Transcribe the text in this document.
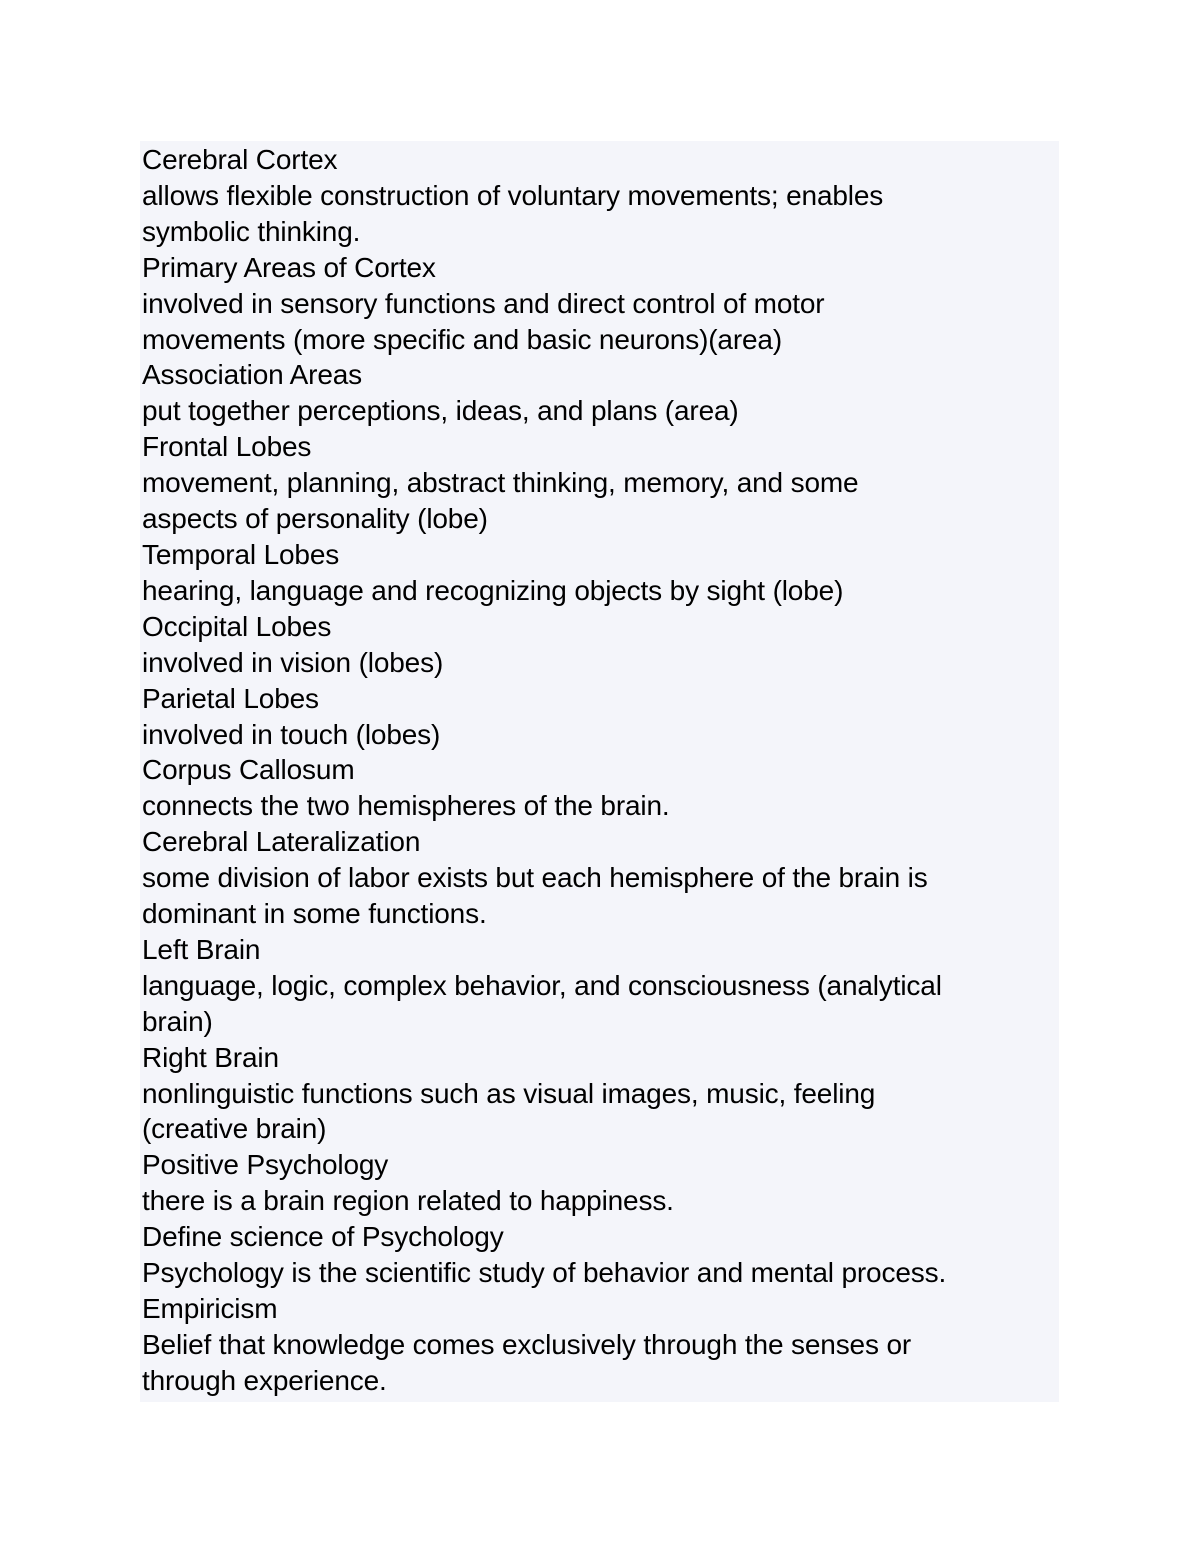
Cerebral Cortex
allows flexible construction of voluntary movements; enables
symbolic thinking.
Primary Areas of Cortex
involved in sensory functions and direct control of motor
movements (more specific and basic neurons)(area)
Association Areas
put together perceptions, ideas, and plans (area)
Frontal Lobes
movement, planning, abstract thinking, memory, and some
aspects of personality (lobe)
Temporal Lobes
hearing, language and recognizing objects by sight (lobe)
Occipital Lobes
involved in vision (lobes)
Parietal Lobes
involved in touch (lobes)
Corpus Callosum
connects the two hemispheres of the brain.
Cerebral Lateralization
some division of labor exists but each hemisphere of the brain is
dominant in some functions.
Left Brain
language, logic, complex behavior, and consciousness (analytical
brain)
Right Brain
nonlinguistic functions such as visual images, music, feeling
(creative brain)
Positive Psychology
there is a brain region related to happiness.
Define science of Psychology
Psychology is the scientific study of behavior and mental process.
Empiricism
Belief that knowledge comes exclusively through the senses or
through experience.
